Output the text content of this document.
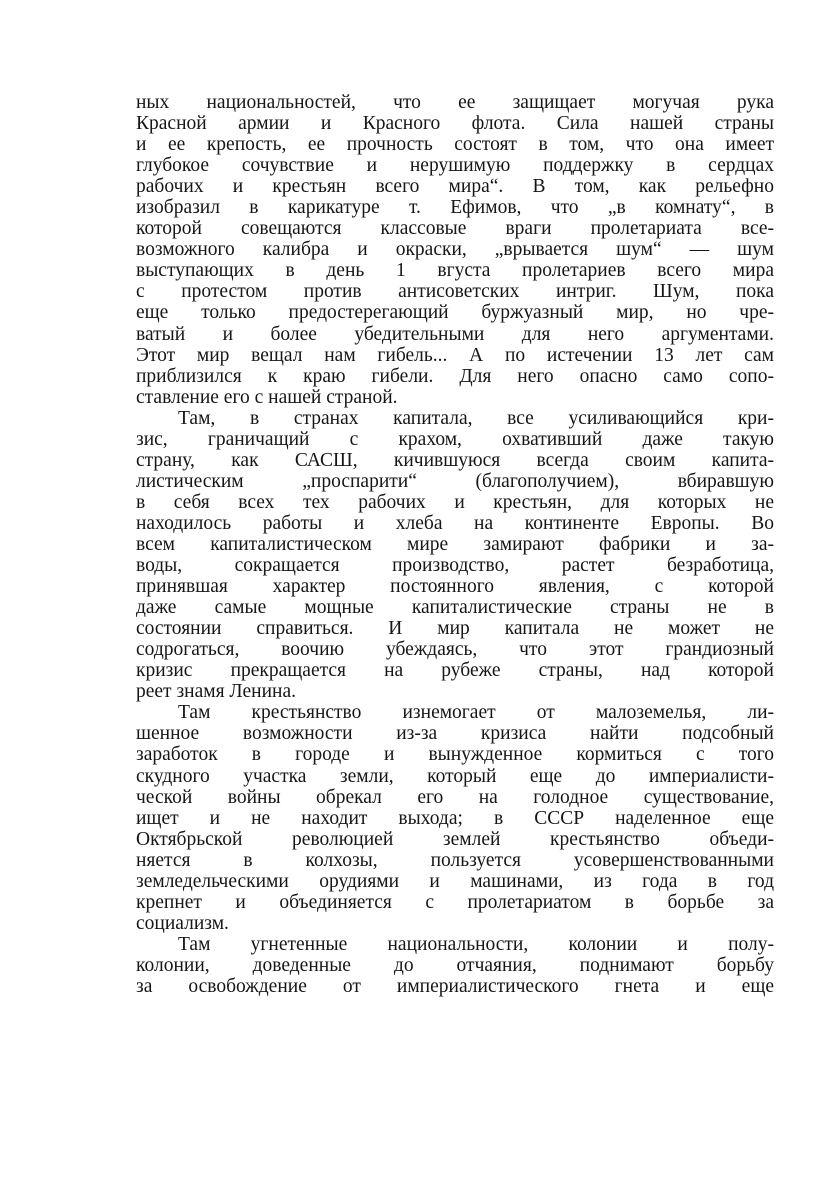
ных национальностей, что ее защищает могучая рука
Красной армии и Красного флота. Сила нашей страны
и ее крепость, ее прочность состоят в том, что она имеет
глубокое сочувствие и нерушимую поддержку в сердцах
рабочих и крестьян всего мира“. В том, как рельефно
изобразил в карикатуре т. Ефимов, что „в комнату“, в
которой совещаются классовые враги пролетариата все-
возможного калибра и окраски, „врывается шум“ — шум
выступающих в день 1 вгуста пролетариев всего мира
с протестом против антисоветских интриг. Шум, пока
еще только предостерегающий буржуазный мир, но чре-
ватый и более убедительными для него аргументами.
Этот мир вещал нам гибель... А по истечении 13 лет сам
приблизился к краю гибели. Для него опасно само сопо-
ставление его с нашей страной.
Там, в странах капитала, все усиливающийся кри-
зис, граничащий с крахом, охвативший даже такую
страну, как САСШ, кичившуюся всегда своим капита-
листическим „проспарити“ (благополучием), вбиравшую
в себя всех тех рабочих и крестьян, для которых не
находилось работы и хлеба на континенте Европы. Во
всем капиталистическом мире замирают фабрики и за-
воды, сокращается производство, растет безработица,
принявшая характер постоянного явления, с которой
даже самые мощные капиталистические страны не в
состоянии справиться. И мир капитала не может не
содрогаться, воочию убеждаясь, что этот грандиозный
кризис прекращается на рубеже страны, над которой
реет знамя Ленина.
Там крестьянство изнемогает от малоземелья, ли-
шенное возможности из-за кризиса найти подсобный
заработок в городе и вынужденное кормиться с того
скудного участка земли, который еще до империалисти-
ческой войны обрекал его на голодное существование,
ищет и не находит выхода; в СССР наделенное еще
Октябрьской революцией землей крестьянство объеди-
няется в колхозы, пользуется усовершенствованными
земледельческими орудиями и машинами, из года в год
крепнет и объединяется с пролетариатом в борьбе за
социализм.
Там угнетенные национальности, колонии и полу-
колонии, доведенные до отчаяния, поднимают борьбу
за освобождение от империалистического гнета и еще
